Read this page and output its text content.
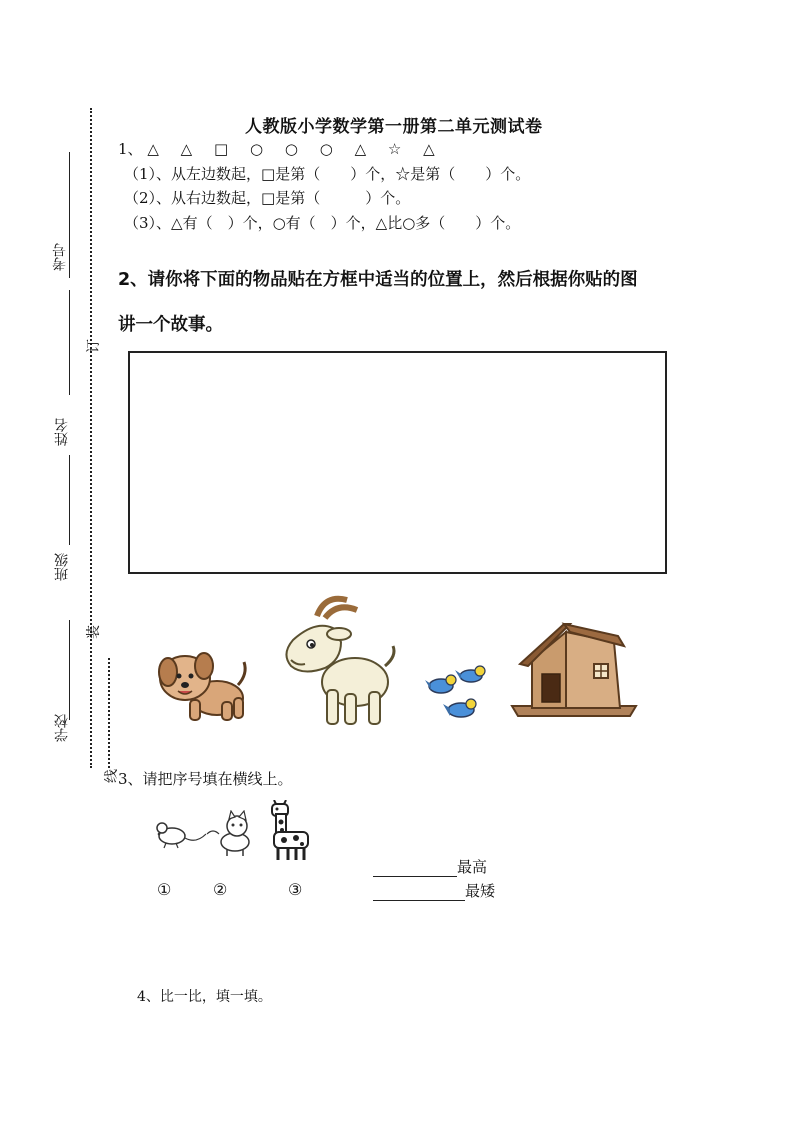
考号
姓名
班级
学校
订
装
线
人教版小学数学第一册第二单元测试卷
1、 △ △ □ ○ ○ ○ △ ☆ △
（1）、从左边数起，□是第（　　）个，☆是第（　　）个。
（2）、从右边数起，□是第（　　　）个。
（3）、△有（　）个，○有（　）个，△比○多（　　）个。
2、请你将下面的物品贴在方框中适当的位置上，然后根据你贴的图
讲一个故事。
3、请把序号填在横线上。
①	②	③
最高
最矮
4、比一比，填一填。
